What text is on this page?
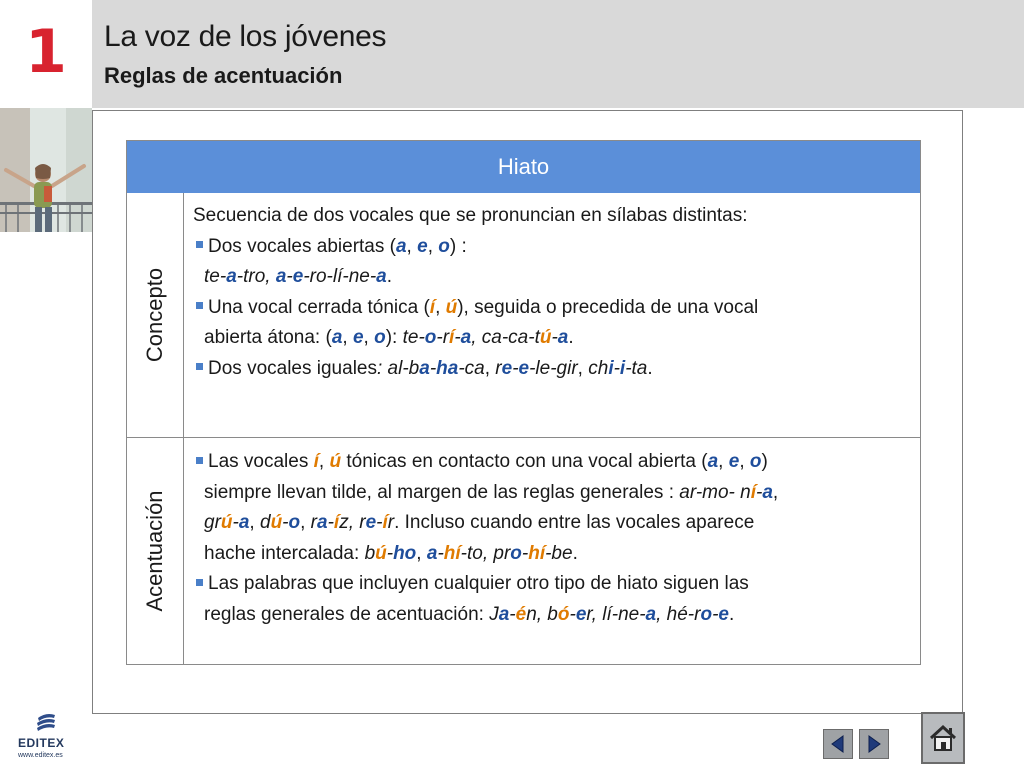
1 La voz de los jóvenes
Reglas de acentuación
Hiato
Concepto
Acentuación
Secuencia de dos vocales que se pronuncian en sílabas distintas:
Dos vocales abiertas (a, e, o) :
te-a-tro, a-e-ro-lí-ne-a.
Una vocal cerrada tónica (í, ú), seguida o precedida de una vocal
abierta átona: (a, e, o): te-o-rí-a, ca-ca-tú-a.
Dos vocales iguales: al-ba-ha-ca, re-e-le-gir, chi-i-ta.
Las vocales í, ú tónicas en contacto con una vocal abierta (a, e, o)
siempre llevan tilde, al margen de las reglas generales : ar-mo- ní-a,
grú-a, dú-o, ra-íz, re-ír. Incluso cuando entre las vocales aparece
hache intercalada: bú-ho, a-hí-to, pro-hí-be.
Las palabras que incluyen cualquier otro tipo de hiato siguen las
reglas generales de acentuación: Ja-én, bó-er, lí-ne-a, hé-ro-e.
EDITEX
www.editex.es
